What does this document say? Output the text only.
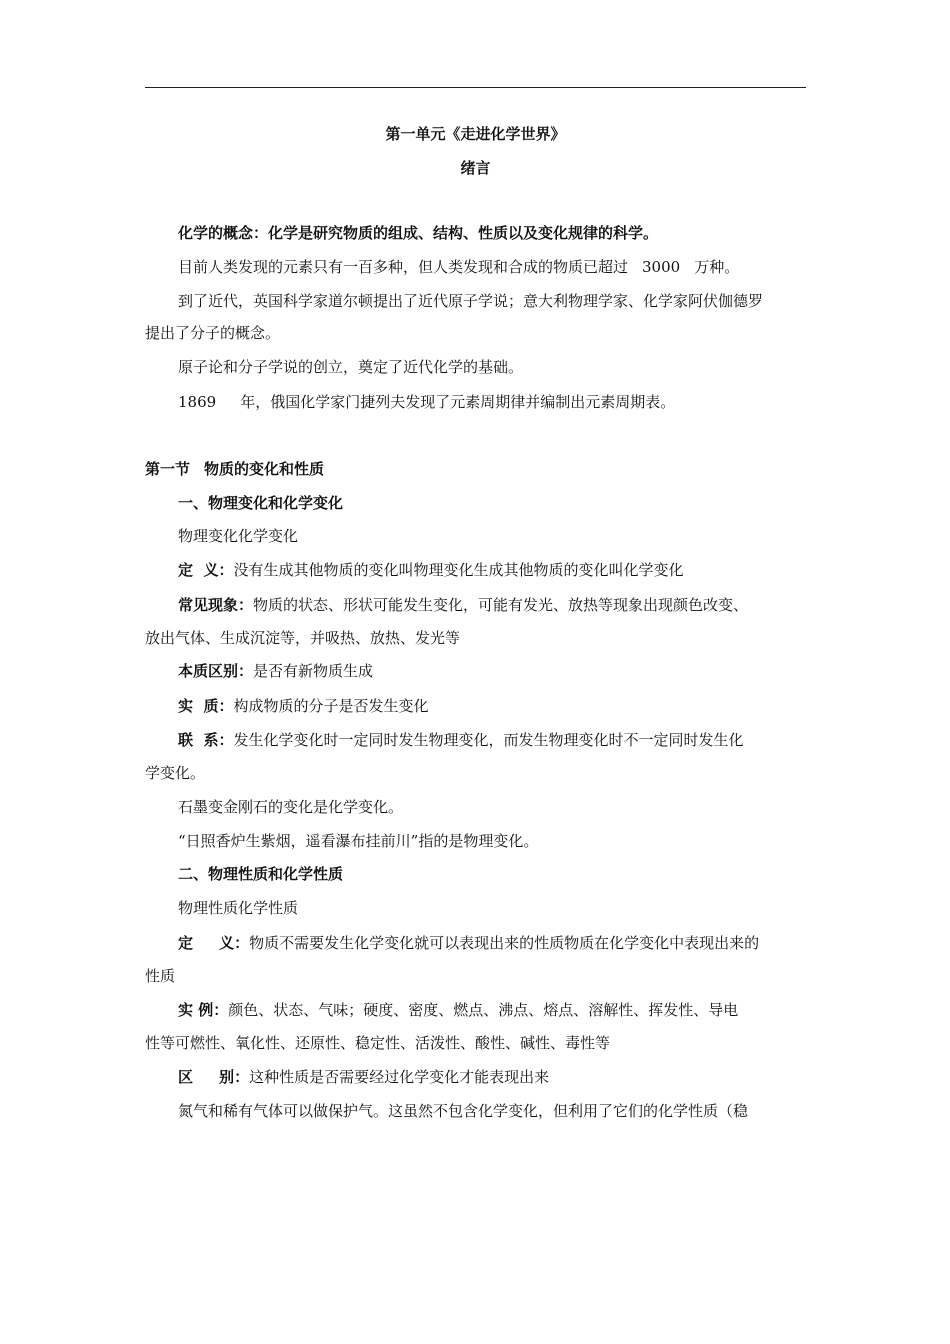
第一单元《走进化学世界》
绪言
化学的概念：化学是研究物质的组成、结构、性质以及变化规律的科学。
目前人类发现的元素只有一百多种，但人类发现和合成的物质已超过 3000 万种。
到了近代，英国科学家道尔顿提出了近代原子学说；意大利物理学家、化学家阿伏伽德罗
提出了分子的概念。
原子论和分子学说的创立，奠定了近代化学的基础。
1869 年，俄国化学家门捷列夫发现了元素周期律并编制出元素周期表。
第一节 物质的变化和性质
一、物理变化和化学变化
物理变化化学变化
定  义：没有生成其他物质的变化叫物理变化生成其他物质的变化叫化学变化
常见现象：物质的状态、形状可能发生变化，可能有发光、放热等现象出现颜色改变、
放出气体、生成沉淀等，并吸热、放热、发光等
本质区别：是否有新物质生成
实  质：构成物质的分子是否发生变化
联  系：发生化学变化时一定同时发生物理变化，而发生物理变化时不一定同时发生化
学变化。
石墨变金刚石的变化是化学变化。
“日照香炉生紫烟，遥看瀑布挂前川”指的是物理变化。
二、物理性质和化学性质
物理性质化学性质
定     义：物质不需要发生化学变化就可以表现出来的性质物质在化学变化中表现出来的
性质
实 例：颜色、状态、气味；硬度、密度、燃点、沸点、熔点、溶解性、挥发性、导电
性等可燃性、氧化性、还原性、稳定性、活泼性、酸性、碱性、毒性等
区     别：这种性质是否需要经过化学变化才能表现出来
氮气和稀有气体可以做保护气。这虽然不包含化学变化，但利用了它们的化学性质（稳
